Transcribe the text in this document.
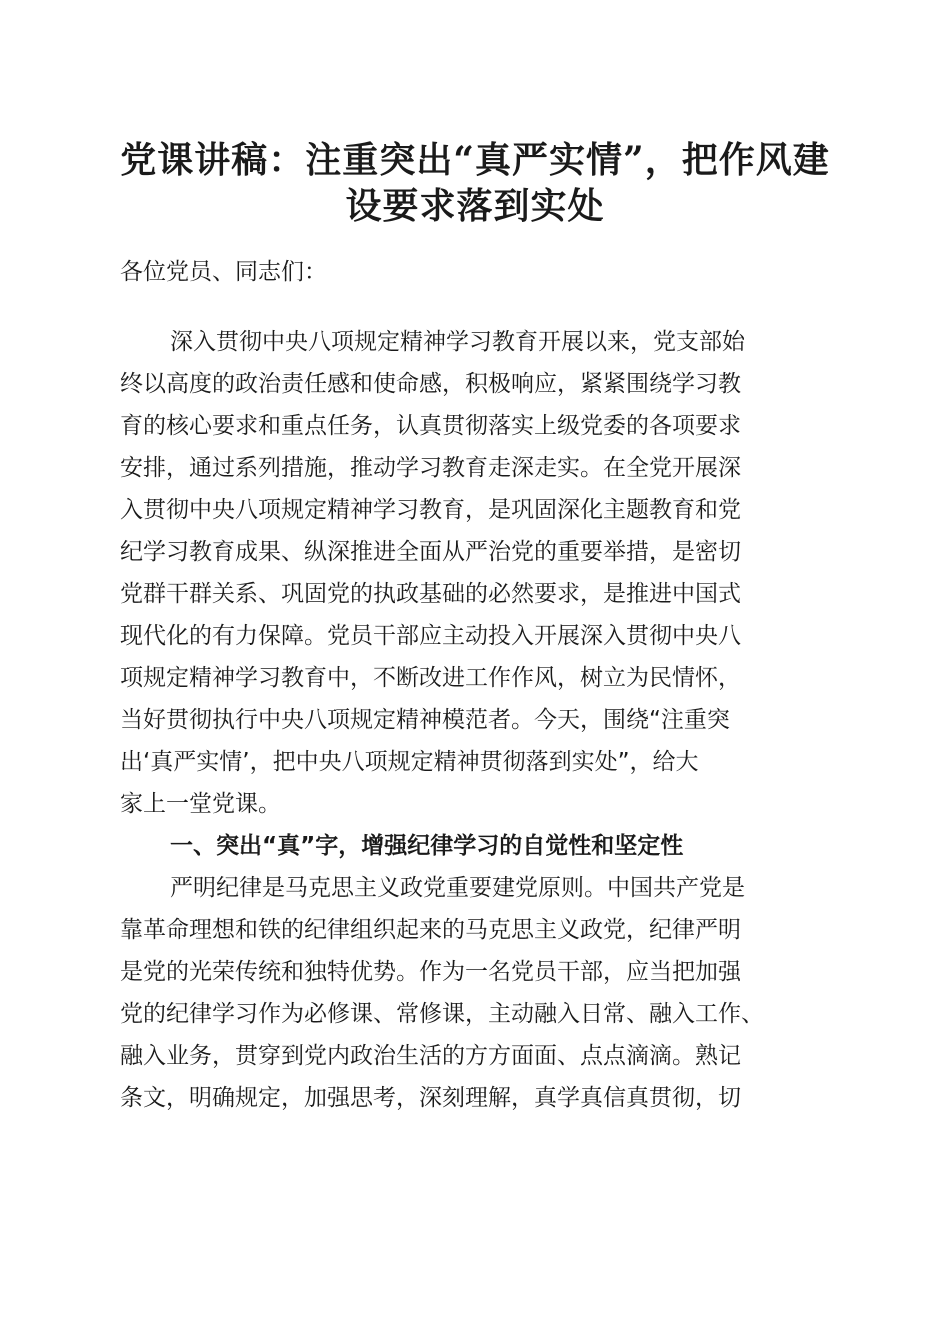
党课讲稿：注重突出“真严实情”，把作风建
设要求落到实处
各位党员、同志们：
深入贯彻中央八项规定精神学习教育开展以来，党支部始
终以高度的政治责任感和使命感，积极响应，紧紧围绕学习教
育的核心要求和重点任务，认真贯彻落实上级党委的各项要求
安排，通过系列措施，推动学习教育走深走实。在全党开展深
入贯彻中央八项规定精神学习教育，是巩固深化主题教育和党
纪学习教育成果、纵深推进全面从严治党的重要举措，是密切
党群干群关系、巩固党的执政基础的必然要求，是推进中国式
现代化的有力保障。党员干部应主动投入开展深入贯彻中央八
项规定精神学习教育中，不断改进工作作风，树立为民情怀，
当好贯彻执行中央八项规定精神模范者。今天，围绕“注重突
出‘真严实情’，把中央八项规定精神贯彻落到实处”，给大
家上一堂党课。
一、突出“真”字，增强纪律学习的自觉性和坚定性
严明纪律是马克思主义政党重要建党原则。中国共产党是
靠革命理想和铁的纪律组织起来的马克思主义政党，纪律严明
是党的光荣传统和独特优势。作为一名党员干部，应当把加强
党的纪律学习作为必修课、常修课，主动融入日常、融入工作、
融入业务，贯穿到党内政治生活的方方面面、点点滴滴。熟记
条文，明确规定，加强思考，深刻理解，真学真信真贯彻，切
